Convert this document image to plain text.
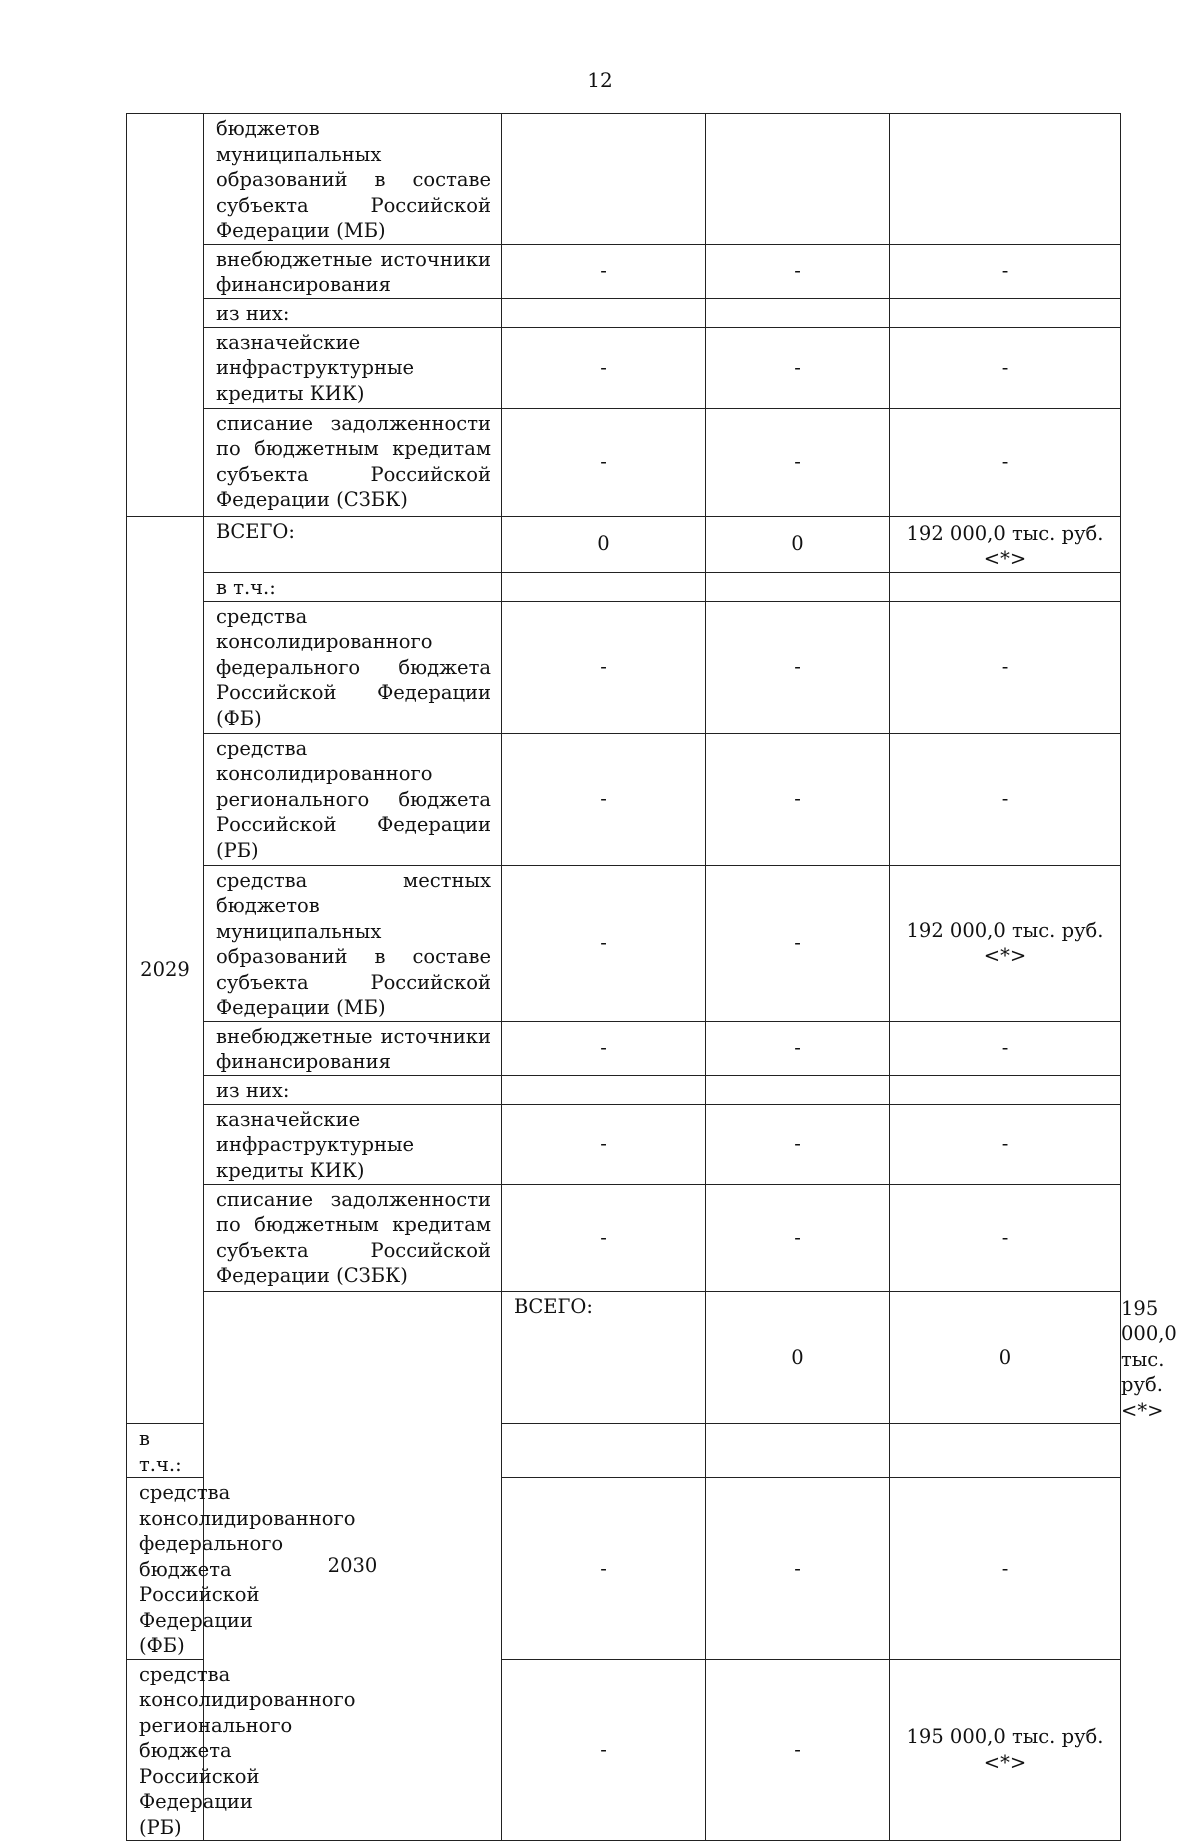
12
	бюджетов муниципальных образований в составе субъекта Российской Федерации (МБ)				
	внебюджетные источники финансирования	-	-	-	
	из них:				
	казначейские инфраструктурные кредиты КИК)	-	-	-	
	списание задолженности по бюджетным кредитам субъекта Российской Федерации (СЗБК)	-	-	-	
2029	ВСЕГО:	0	0	192 000,0 тыс. руб. <*>	
	в т.ч.:				
	средства консолидированного федерального бюджета Российской Федерации (ФБ)	-	-	-	
	средства консолидированного регионального бюджета Российской Федерации (РБ)	-	-	-	
	средства местных бюджетов муниципальных образований в составе субъекта Российской Федерации (МБ)	-	-	192 000,0 тыс. руб. <*>	
	внебюджетные источники финансирования	-	-	-	
	из них:				
	казначейские инфраструктурные кредиты КИК)	-	-	-	
	списание задолженности по бюджетным кредитам субъекта Российской Федерации (СЗБК)	-	-	-	
	2030	ВСЕГО:	0	0	195 000,0 тыс. руб. <*>
в т.ч.:					
средства консолидированного федерального бюджета Российской Федерации (ФБ)		-	-	-	
средства консолидированного регионального бюджета Российской Федерации (РБ)		-	-	195 000,0 тыс. руб. <*>	
